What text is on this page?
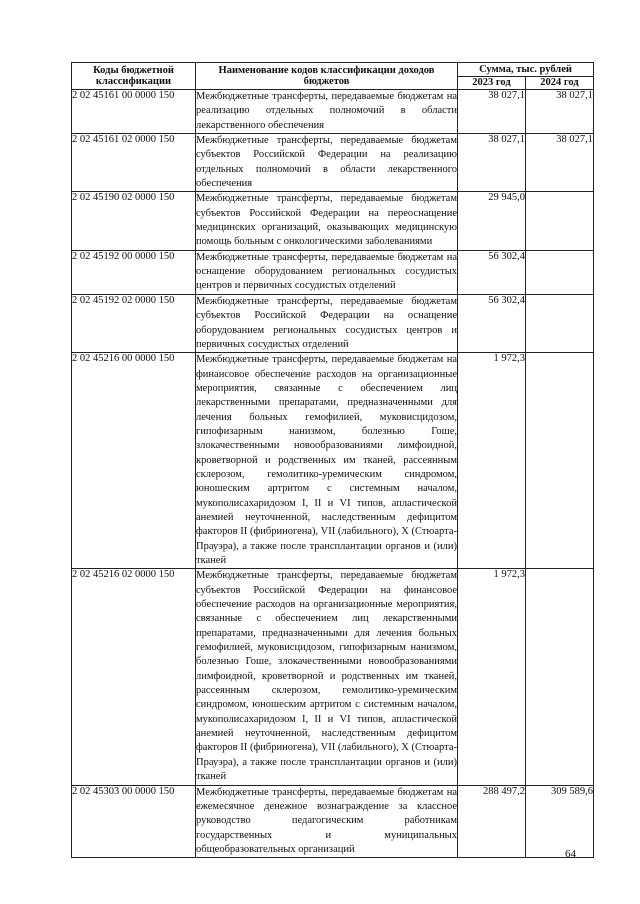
Коды бюджетной классификации	Наименование кодов классификации доходов бюджетов	Сумма, тыс. рублей	
		2023 год	2024 год
2 02 45161 00 0000 150	Межбюджетные трансферты, передаваемые бюджетам на реализацию отдельных полномочий в области лекарственного обеспечения	38 027,1	38 027,1
2 02 45161 02 0000 150	Межбюджетные трансферты, передаваемые бюджетам субъектов Российской Федерации на реализацию отдельных полномочий в области лекарственного обеспечения	38 027,1	38 027,1
2 02 45190 02 0000 150	Межбюджетные трансферты, передаваемые бюджетам субъектов Российской Федерации на переоснащение медицинских организаций, оказывающих медицинскую помощь больным с онкологическими заболеваниями	29 945,0	
2 02 45192 00 0000 150	Межбюджетные трансферты, передаваемые бюджетам на оснащение оборудованием региональных сосудистых центров и первичных сосудистых отделений	56 302,4	
2 02 45192 02 0000 150	Межбюджетные трансферты, передаваемые бюджетам субъектов Российской Федерации на оснащение оборудованием региональных сосудистых центров и первичных сосудистых отделений	56 302,4	
2 02 45216 00 0000 150	Межбюджетные трансферты, передаваемые бюджетам на финансовое обеспечение расходов на организационные мероприятия, связанные с обеспечением лиц лекарственными препаратами, предназначенными для лечения больных гемофилией, муковисцидозом, гипофизарным нанизмом, болезнью Гоше, злокачественными новообразованиями лимфоидной, кроветворной и родственных им тканей, рассеянным склерозом, гемолитико-уремическим синдромом, юношеским артритом с системным началом, мукополисахаридозом I, II и VI типов, апластической анемией неуточненной, наследственным дефицитом факторов II (фибриногена), VII (лабильного), X (Стюарта-Прауэра), а также после трансплантации органов и (или) тканей	1 972,3	
2 02 45216 02 0000 150	Межбюджетные трансферты, передаваемые бюджетам субъектов Российской Федерации на финансовое обеспечение расходов на организационные мероприятия, связанные с обеспечением лиц лекарственными препаратами, предназначенными для лечения больных гемофилией, муковисцидозом, гипофизарным нанизмом, болезнью Гоше, злокачественными новообразованиями лимфоидной, кроветворной и родственных им тканей, рассеянным склерозом, гемолитико-уремическим синдромом, юношеским артритом с системным началом, мукополисахаридозом I, II и VI типов, апластической анемией неуточненной, наследственным дефицитом факторов II (фибриногена), VII (лабильного), X (Стюарта-Прауэра), а также после трансплантации органов и (или) тканей	1 972,3	
2 02 45303 00 0000 150	Межбюджетные трансферты, передаваемые бюджетам на ежемесячное денежное вознаграждение за классное руководство педагогическим работникам государственных и муниципальных общеобразовательных организаций	288 497,2	309 589,6
64
